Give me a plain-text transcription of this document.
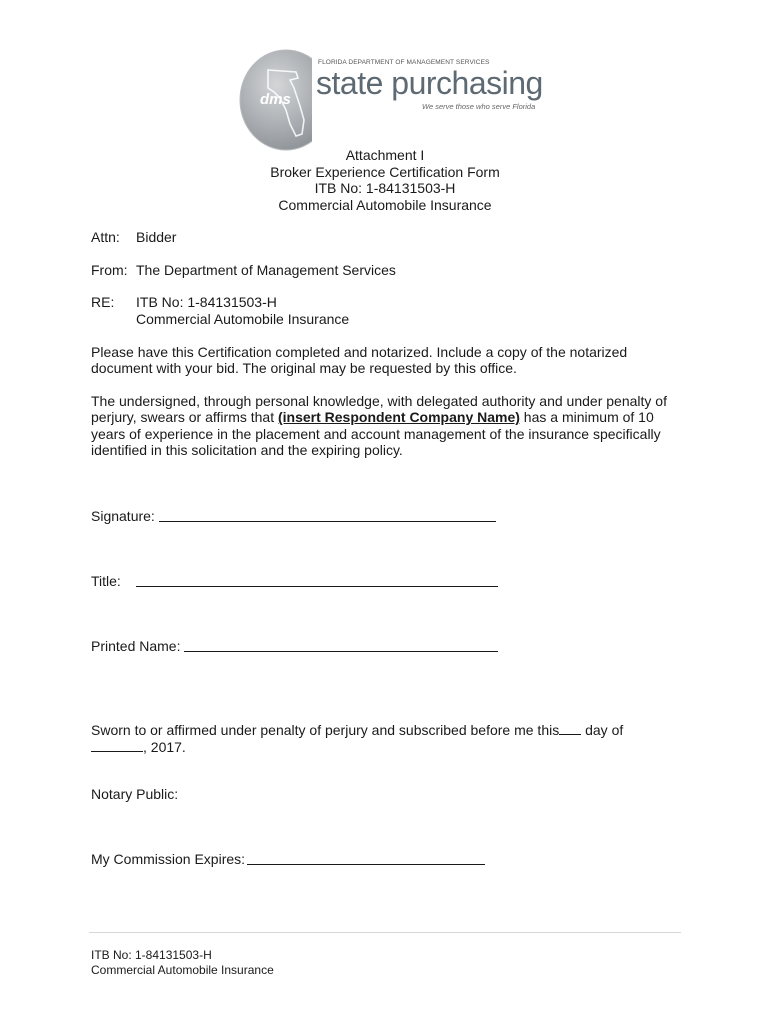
dms
FLORIDA DEPARTMENT OF MANAGEMENT SERVICES
state purchasing
We serve those who serve Florida
Attachment I
Broker Experience Certification Form
ITB No: 1-84131503-H
Commercial Automobile Insurance
Attn: Bidder
From: The Department of Management Services
RE: ITB No: 1-84131503-H
Commercial Automobile Insurance
Please have this Certification completed and notarized. Include a copy of the notarized
document with your bid. The original may be requested by this office.
The undersigned, through personal knowledge, with delegated authority and under penalty of
perjury, swears or affirms that (insert Respondent Company Name) has a minimum of 10
years of experience in the placement and account management of the insurance specifically
identified in this solicitation and the expiring policy.
Signature:
Title:
Printed Name:
Sworn to or affirmed under penalty of perjury and subscribed before me this day of
, 2017.
Notary Public:
My Commission Expires:
ITB No: 1-84131503-H
Commercial Automobile Insurance
